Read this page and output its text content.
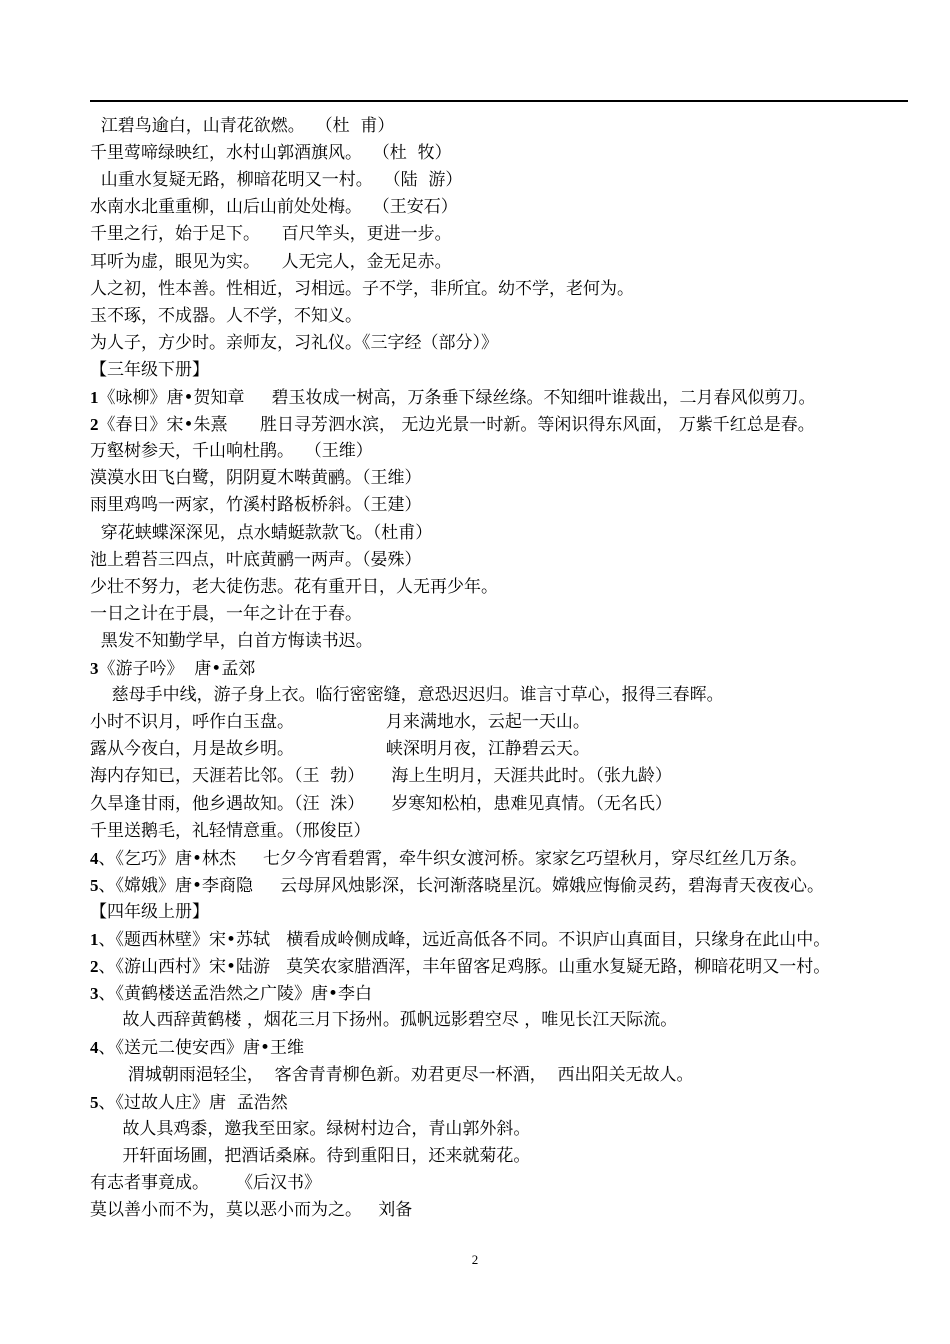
江碧鸟逾白，山青花欲燃。  （杜  甫）
千里莺啼绿映红，水村山郭酒旗风。  （杜  牧）
山重水复疑无路，柳暗花明又一村。  （陆  游）
水南水北重重柳，山后山前处处梅。  （王安石）
千里之行，始于足下。    百尺竿头，更进一步。
耳听为虚，眼见为实。    人无完人，金无足赤。
人之初，性本善。性相近，习相远。子不学，非所宜。幼不学，老何为。
玉不琢，不成器。人不学，不知义。
为人子，方少时。亲师友，习礼仪。《三字经（部分）》
【三年级下册】
1《咏柳》唐•贺知章     碧玉妆成一树高，万条垂下绿丝绦。不知细叶谁裁出，二月春风似剪刀。
2《春日》宋•朱熹      胜日寻芳泗水滨， 无边光景一时新。等闲识得东风面， 万紫千红总是春。
万壑树参天，千山响杜鹃。  （王维）
漠漠水田飞白鹭，阴阴夏木啭黄鹂。（王维）
雨里鸡鸣一两家，竹溪村路板桥斜。（王建）
穿花蛱蝶深深见，点水蜻蜓款款飞。（杜甫）
池上碧苔三四点，叶底黄鹂一两声。（晏殊）
少壮不努力，老大徒伤悲。花有重开日，人无再少年。
一日之计在于晨，一年之计在于春。
黑发不知勤学早，白首方悔读书迟。
3《游子吟》  唐•孟郊
慈母手中线，游子身上衣。临行密密缝，意恐迟迟归。谁言寸草心，报得三春晖。
小时不识月，呼作白玉盘。                 月来满地水，云起一天山。
露从今夜白，月是故乡明。                 峡深明月夜，江静碧云天。
海内存知已，天涯若比邻。（王  勃）     海上生明月，天涯共此时。（张九龄）
久旱逢甘雨，他乡遇故知。（汪  洙）     岁寒知松柏，患难见真情。（无名氏）
千里送鹅毛，礼轻情意重。（邢俊臣）
4、《乞巧》唐•林杰     七夕今宵看碧霄，牵牛织女渡河桥。家家乞巧望秋月，穿尽红丝几万条。
5、《嫦娥》唐•李商隐     云母屏风烛影深，长河渐落晓星沉。嫦娥应悔偷灵药，碧海青天夜夜心。
【四年级上册】
1、《题西林壁》宋•苏轼   横看成岭侧成峰，远近高低各不同。不识庐山真面目，只缘身在此山中。
2、《游山西村》宋•陆游   莫笑农家腊酒浑，丰年留客足鸡豚。山重水复疑无路，柳暗花明又一村。
3、《黄鹤楼送孟浩然之广陵》唐•李白
故人西辞黄鹤楼 ，烟花三月下扬州。孤帆远影碧空尽 ，唯见长江天际流。
4、《送元二使安西》唐•王维
渭城朝雨浥轻尘，  客舍青青柳色新。劝君更尽一杯酒，  西出阳关无故人。
5、《过故人庄》唐  孟浩然
故人具鸡黍，邀我至田家。绿树村边合，青山郭外斜。
开轩面场圃，把酒话桑麻。待到重阳日，还来就菊花。
有志者事竟成。     《后汉书》
莫以善小而不为，莫以恶小而为之。   刘备
2
